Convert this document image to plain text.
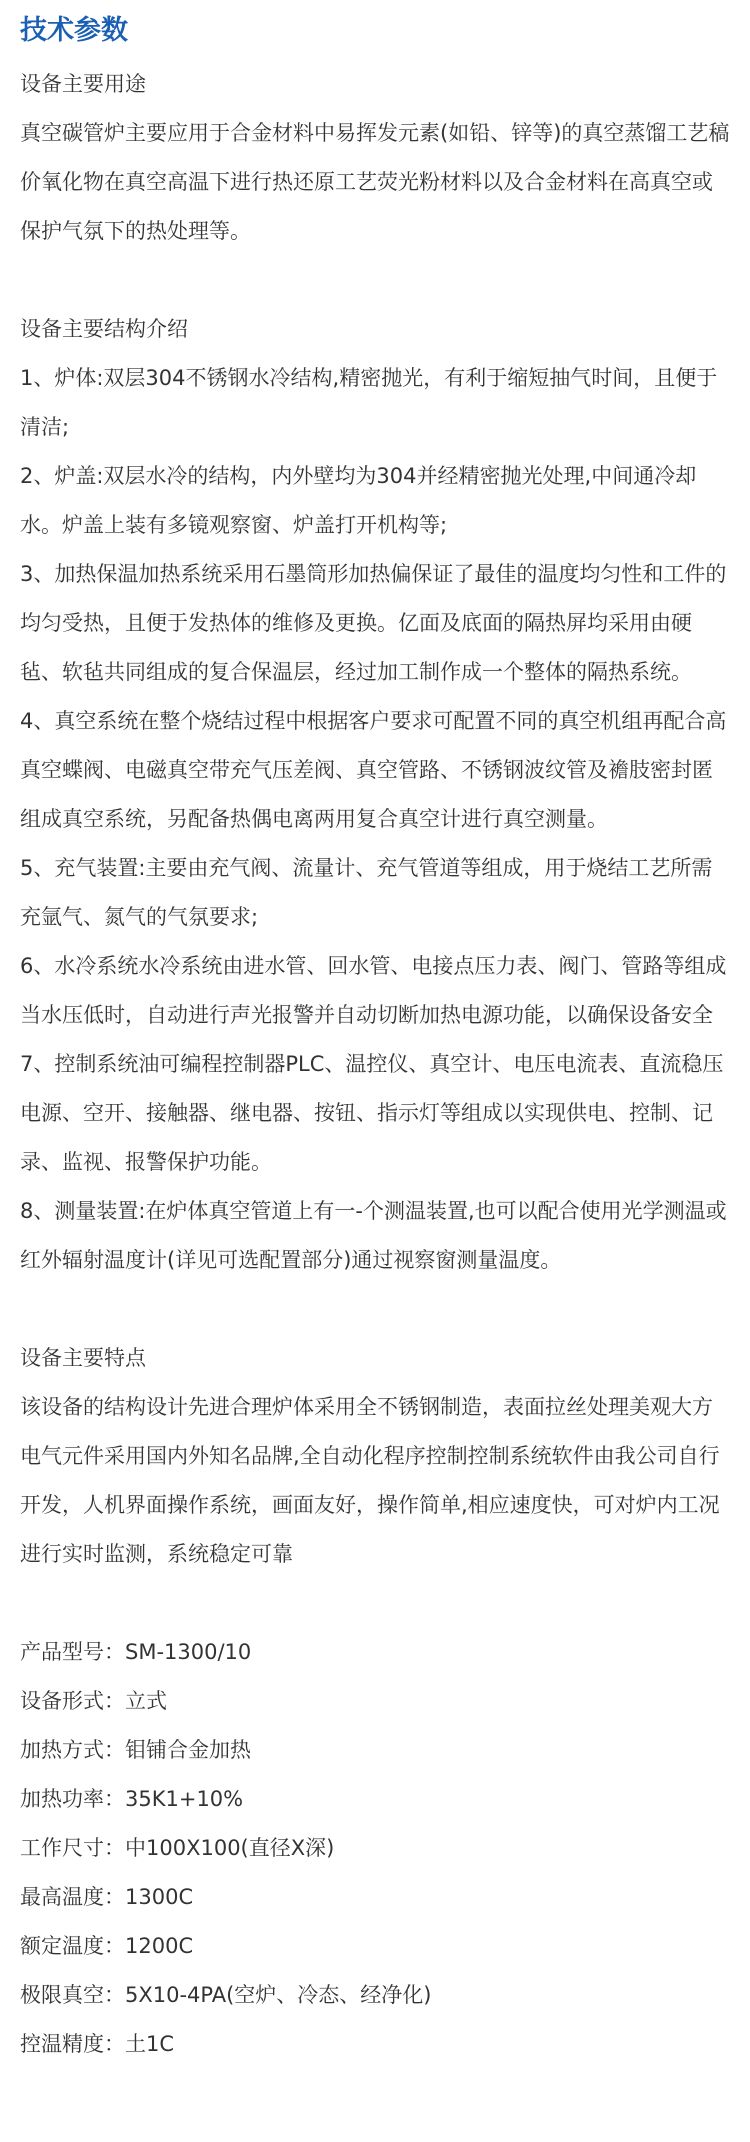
技术参数

设备主要用途

真空碳管炉主要应用于合金材料中易挥发元素(如铅、锌等)的真空蒸馏工艺稿价氧化物在真空高温下进行热还原工艺荧光粉材料以及合金材料在高真空或保护气氛下的热处理等。

设备主要结构介绍

1、炉体:双层304不锈钢水冷结构,精密抛光，有利于缩短抽气时间，且便于清洁;

2、炉盖:双层水冷的结构，内外壁均为304并经精密抛光处理,中间通冷却水。炉盖上装有多镜观察窗、炉盖打开机构等;

3、加热保温加热系统采用石墨筒形加热偏保证了最佳的温度均匀性和工件的均匀受热，且便于发热体的维修及更换。亿面及底面的隔热屏均采用由硬毡、软毡共同组成的复合保温层，经过加工制作成一个整体的隔热系统。

4、真空系统在整个烧结过程中根据客户要求可配置不同的真空机组再配合高真空蝶阀、电磁真空带充气压差阀、真空管路、不锈钢波纹管及襜肢密封匿组成真空系统，另配备热偶电离两用复合真空计进行真空测量。

5、充气装置:主要由充气阀、流量计、充气管道等组成，用于烧结工艺所需充氩气、氮气的气氛要求;

6、水冷系统水冷系统由进水管、回水管、电接点压力表、阀门、管路等组成当水压低时，自动进行声光报警并自动切断加热电源功能，以确保设备安全

7、控制系统油可编程控制器PLC、温控仪、真空计、电压电流表、直流稳压电源、空开、接触器、继电器、按钮、指示灯等组成以实现供电、控制、记录、监视、报警保护功能。

8、测量装置:在炉体真空管道上有一-个测温装置,也可以配合使用光学测温或红外辐射温度计(详见可选配置部分)通过视察窗测量温度。

设备主要特点

该设备的结构设计先进合理炉体采用全不锈钢制造，表面拉丝处理美观大方电气元件采用国内外知名品牌,全自动化程序控制控制系统软件由我公司自行开发，人机界面操作系统，画面友好，操作简单,相应速度快，可对炉内工况进行实时监测，系统稳定可靠

产品型号： SM-1300/10
设备形式： 立式
加热方式： 钼铺合金加热
加热功率： 35K1+10%
工作尺寸： 中100X100(直径X深)
最高温度： 1300C
额定温度： 1200C
极限真空： 5X10-4PA(空炉、冷态、经净化)
控温精度： 土1C
